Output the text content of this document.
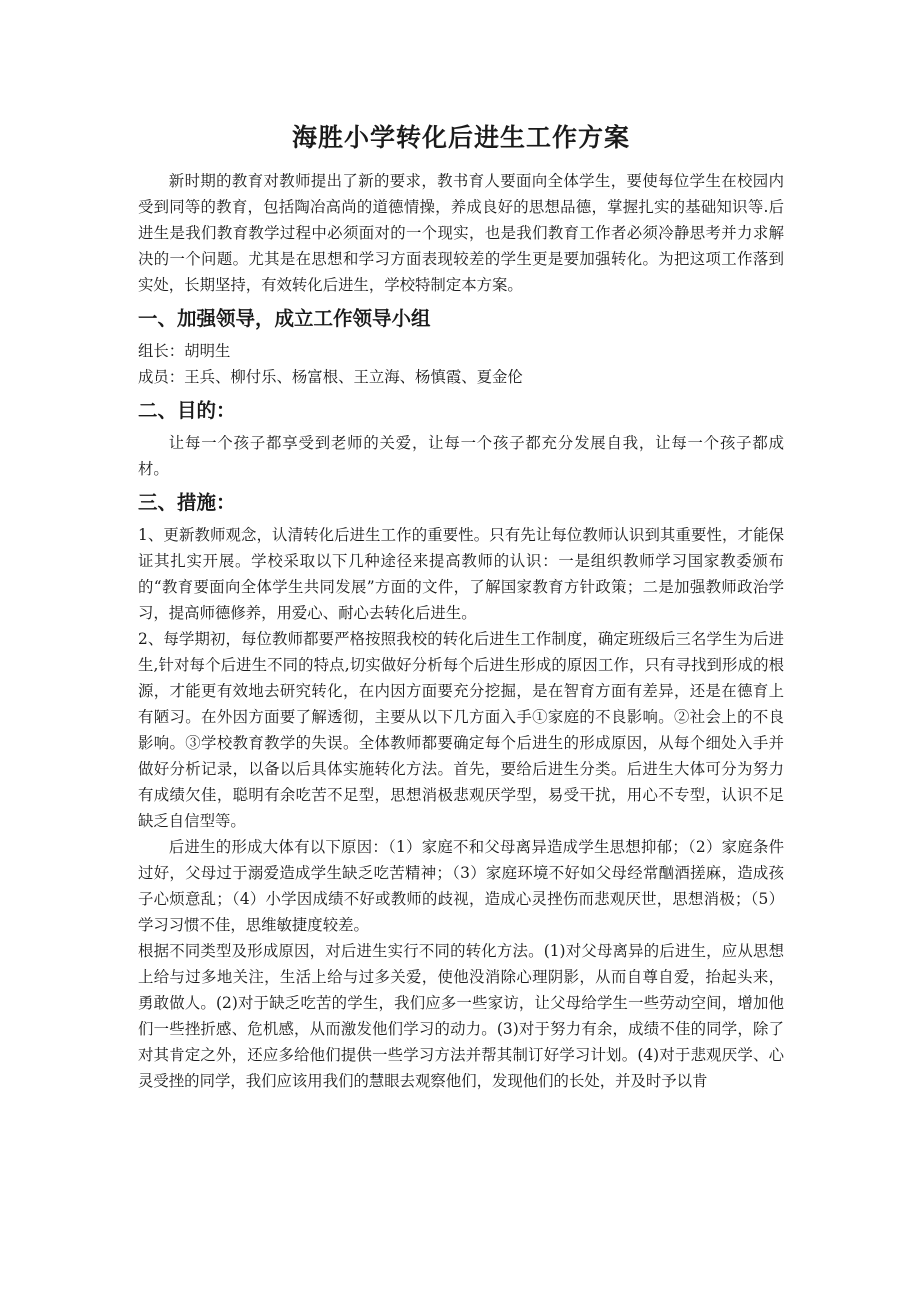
海胜小学转化后进生工作方案

新时期的教育对教师提出了新的要求，教书育人要面向全体学生，要使每位学生在校园内受到同等的教育，包括陶冶高尚的道德情操，养成良好的思想品德，掌握扎实的基础知识等.后进生是我们教育教学过程中必须面对的一个现实，也是我们教育工作者必须冷静思考并力求解决的一个问题。尤其是在思想和学习方面表现较差的学生更是要加强转化。为把这项工作落到实处，长期坚持，有效转化后进生，学校特制定本方案。

一、加强领导，成立工作领导小组

组长：胡明生

成员：王兵、柳付乐、杨富根、王立海、杨慎霞、夏金伦

二、目的：

让每一个孩子都享受到老师的关爱，让每一个孩子都充分发展自我，让每一个孩子都成材。

三、措施：

1、更新教师观念，认清转化后进生工作的重要性。只有先让每位教师认识到其重要性，才能保证其扎实开展。学校采取以下几种途径来提高教师的认识：一是组织教师学习国家教委颁布的“教育要面向全体学生共同发展”方面的文件，了解国家教育方针政策；二是加强教师政治学习，提高师德修养，用爱心、耐心去转化后进生。

2、每学期初，每位教师都要严格按照我校的转化后进生工作制度，确定班级后三名学生为后进生,针对每个后进生不同的特点,切实做好分析每个后进生形成的原因工作，只有寻找到形成的根源，才能更有效地去研究转化，在内因方面要充分挖掘，是在智育方面有差异，还是在德育上有陋习。在外因方面要了解透彻，主要从以下几方面入手①家庭的不良影响。②社会上的不良影响。③学校教育教学的失误。全体教师都要确定每个后进生的形成原因，从每个细处入手并做好分析记录，以备以后具体实施转化方法。首先，要给后进生分类。后进生大体可分为努力有成绩欠佳，聪明有余吃苦不足型，思想消极悲观厌学型，易受干扰，用心不专型，认识不足缺乏自信型等。

后进生的形成大体有以下原因：（1）家庭不和父母离异造成学生思想抑郁；（2）家庭条件过好，父母过于溺爱造成学生缺乏吃苦精神；（3）家庭环境不好如父母经常酗酒搓麻，造成孩子心烦意乱；（4）小学因成绩不好或教师的歧视，造成心灵挫伤而悲观厌世，思想消极；（5）学习习惯不佳，思维敏捷度较差。

根据不同类型及形成原因，对后进生实行不同的转化方法。(1)对父母离异的后进生，应从思想上给与过多地关注，生活上给与过多关爱，使他没消除心理阴影，从而自尊自爱，抬起头来，勇敢做人。(2)对于缺乏吃苦的学生，我们应多一些家访，让父母给学生一些劳动空间，增加他们一些挫折感、危机感，从而激发他们学习的动力。(3)对于努力有余，成绩不佳的同学，除了对其肯定之外，还应多给他们提供一些学习方法并帮其制订好学习计划。(4)对于悲观厌学、心灵受挫的同学，我们应该用我们的慧眼去观察他们，发现他们的长处，并及时予以肯
